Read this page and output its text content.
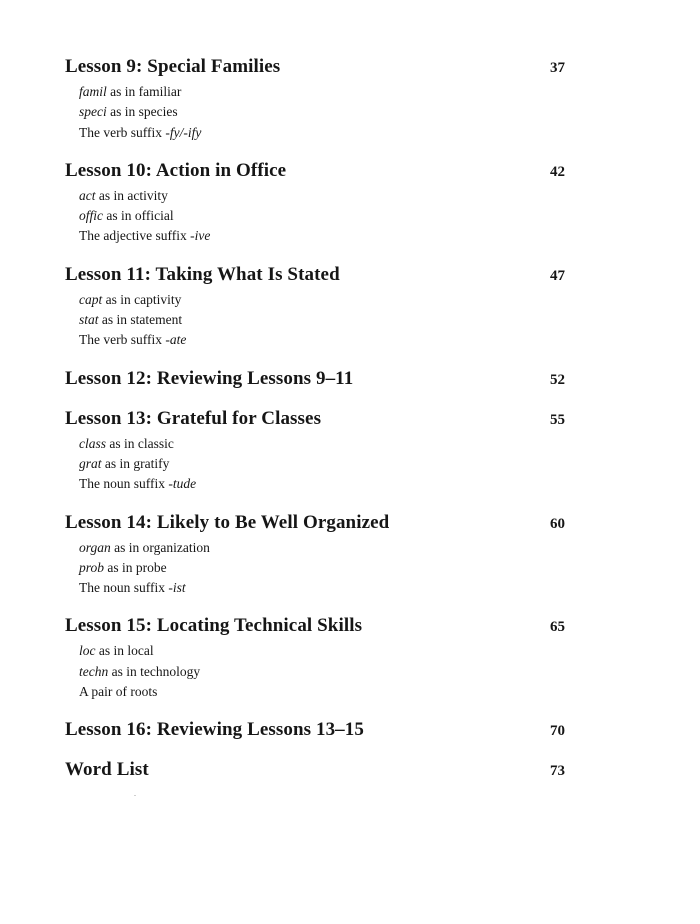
Lesson 9: Special Families	37
famil as in familiar
speci as in species
The verb suffix -fy/-ify
Lesson 10: Action in Office	42
act as in activity
offic as in official
The adjective suffix -ive
Lesson 11: Taking What Is Stated	47
capt as in captivity
stat as in statement
The verb suffix -ate
Lesson 12: Reviewing Lessons 9–11	52
Lesson 13: Grateful for Classes	55
class as in classic
grat as in gratify
The noun suffix -tude
Lesson 14: Likely to Be Well Organized	60
organ as in organization
prob as in probe
The noun suffix -ist
Lesson 15: Locating Technical Skills	65
loc as in local
techn as in technology
A pair of roots
Lesson 16: Reviewing Lessons 13–15	70
Word List	73
